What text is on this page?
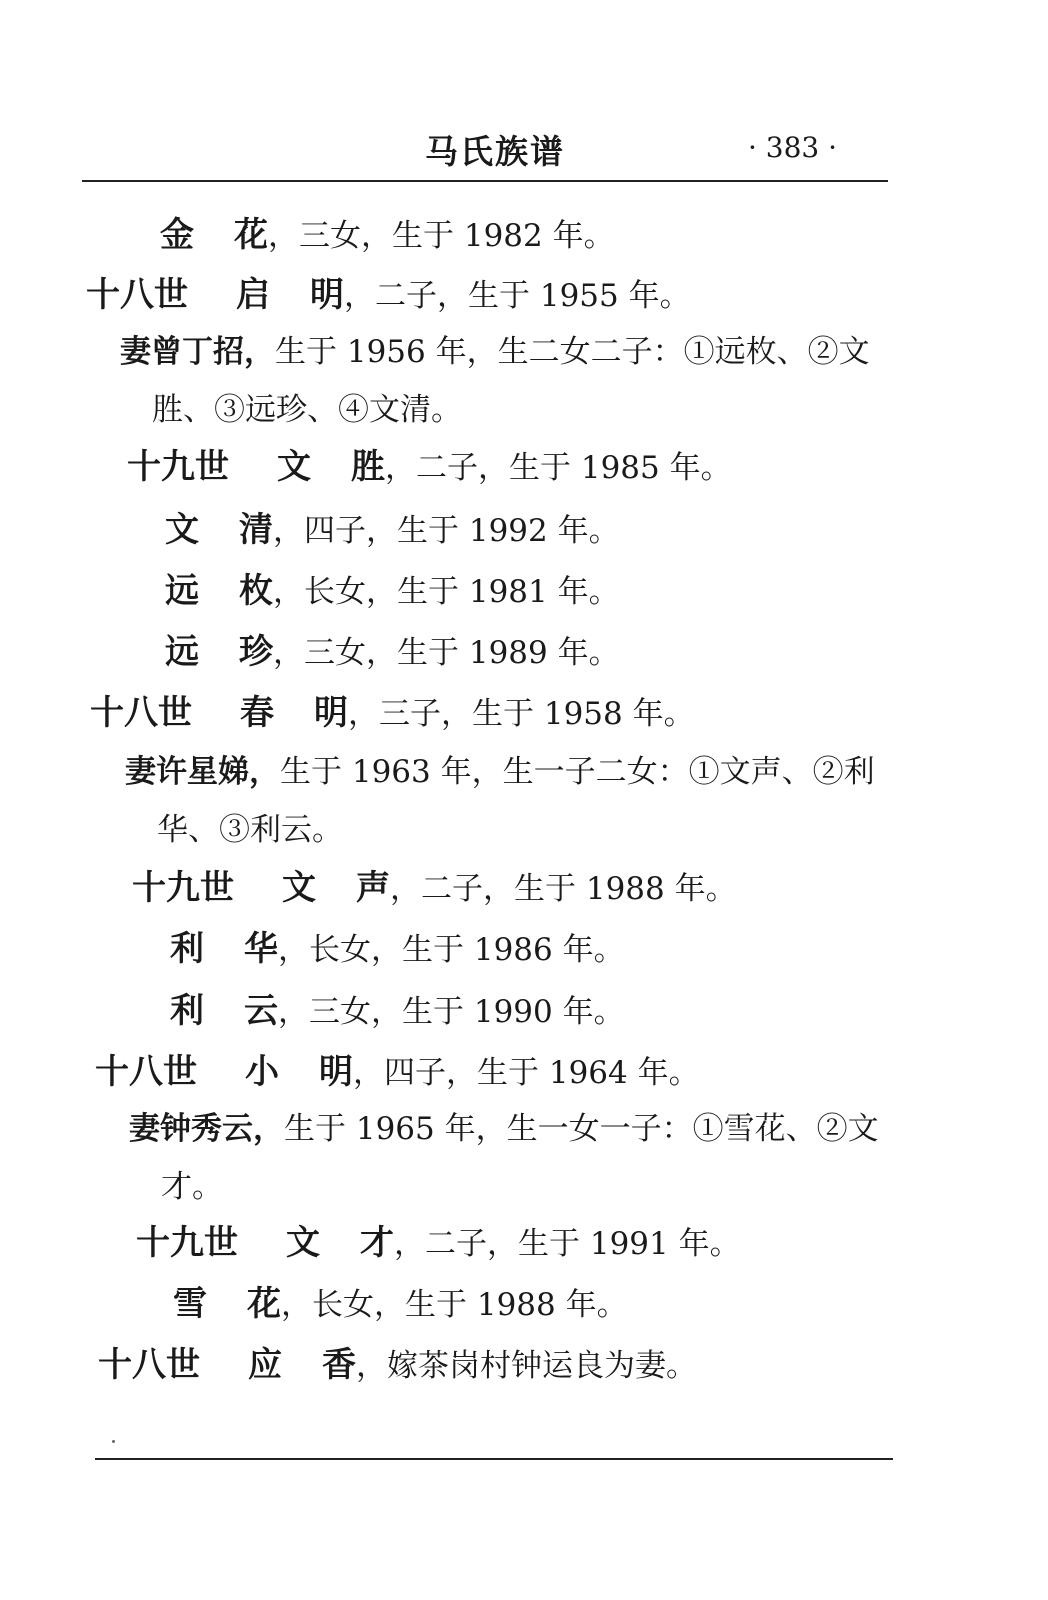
马氏族谱	· 383 ·
金花，三女，生于 1982 年。
十八世 启明，二子，生于 1955 年。
妻曾丁招，生于 1956 年，生二女二子：①远枚、②文胜、③远珍、④文清。
十九世 文胜，二子，生于 1985 年。
文清，四子，生于 1992 年。
远枚，长女，生于 1981 年。
远珍，三女，生于 1989 年。
十八世 春明，三子，生于 1958 年。
妻许星娣，生于 1963 年，生一子二女：①文声、②利华、③利云。
十九世 文声，二子，生于 1988 年。
利华，长女，生于 1986 年。
利云，三女，生于 1990 年。
十八世 小明，四子，生于 1964 年。
妻钟秀云，生于 1965 年，生一女一子：①雪花、②文才。
十九世 文才，二子，生于 1991 年。
雪花，长女，生于 1988 年。
十八世 应香，嫁茶岗村钟运良为妻。
